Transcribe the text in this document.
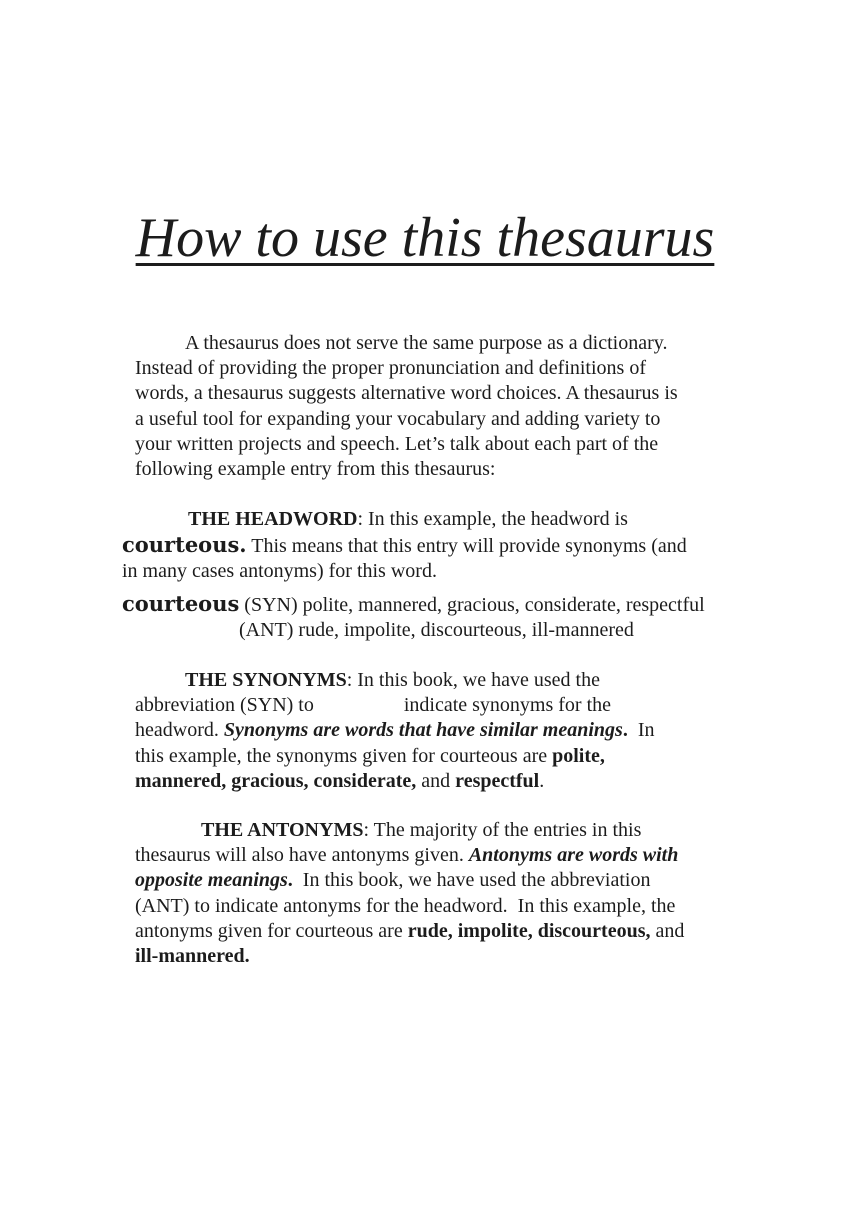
How to use this thesaurus
A thesaurus does not serve the same purpose as a dictionary.
Instead of providing the proper pronunciation and definitions of
words, a thesaurus suggests alternative word choices. A thesaurus is
a useful tool for expanding your vocabulary and adding variety to
your written projects and speech. Let’s talk about each part of the
following example entry from this thesaurus:
THE HEADWORD: In this example, the headword is
courteous. This means that this entry will provide synonyms (and
in many cases antonyms) for this word.
courteous (SYN) polite, mannered, gracious, considerate, respectful
(ANT) rude, impolite, discourteous, ill-mannered
THE SYNONYMS: In this book, we have used the
abbreviation (SYN) to                  indicate synonyms for the
headword. Synonyms are words that have similar meanings.  In
this example, the synonyms given for courteous are polite,
mannered, gracious, considerate, and respectful.
THE ANTONYMS: The majority of the entries in this
thesaurus will also have antonyms given. Antonyms are words with
opposite meanings.  In this book, we have used the abbreviation
(ANT) to indicate antonyms for the headword.  In this example, the
antonyms given for courteous are rude, impolite, discourteous, and
ill-mannered.
